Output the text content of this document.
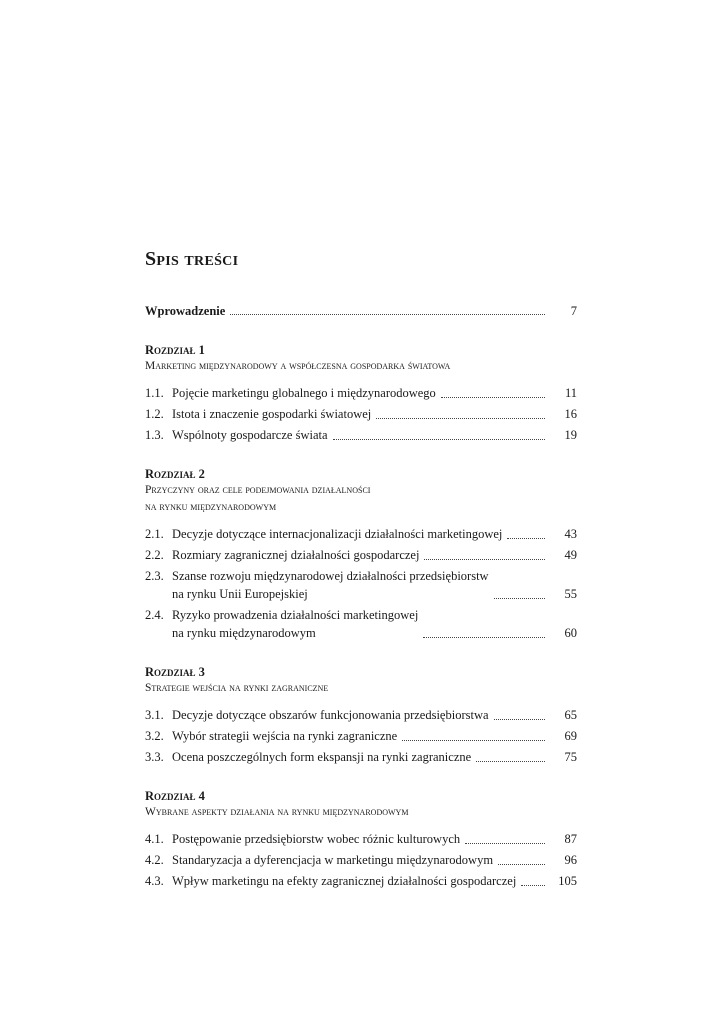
Spis treści
Wprowadzenie	7
Rozdział 1
Marketing międzynarodowy a współczesna gospodarka światowa
1.1. Pojęcie marketingu globalnego i międzynarodowego	11
1.2. Istota i znaczenie gospodarki światowej	16
1.3. Wspólnoty gospodarcze świata	19
Rozdział 2
Przyczyny oraz cele podejmowania działalności
na rynku międzynarodowym
2.1. Decyzje dotyczące internacjonalizacji działalności marketingowej	43
2.2. Rozmiary zagranicznej działalności gospodarczej	49
2.3. Szanse rozwoju międzynarodowej działalności przedsiębiorstw
na rynku Unii Europejskiej	55
2.4. Ryzyko prowadzenia działalności marketingowej
na rynku międzynarodowym	60
Rozdział 3
Strategie wejścia na rynki zagraniczne
3.1. Decyzje dotyczące obszarów funkcjonowania przedsiębiorstwa	65
3.2. Wybór strategii wejścia na rynki zagraniczne	69
3.3. Ocena poszczególnych form ekspansji na rynki zagraniczne	75
Rozdział 4
Wybrane aspekty działania na rynku międzynarodowym
4.1. Postępowanie przedsiębiorstw wobec różnic kulturowych	87
4.2. Standaryzacja a dyferencjacja w marketingu międzynarodowym	96
4.3. Wpływ marketingu na efekty zagranicznej działalności gospodarczej	105
